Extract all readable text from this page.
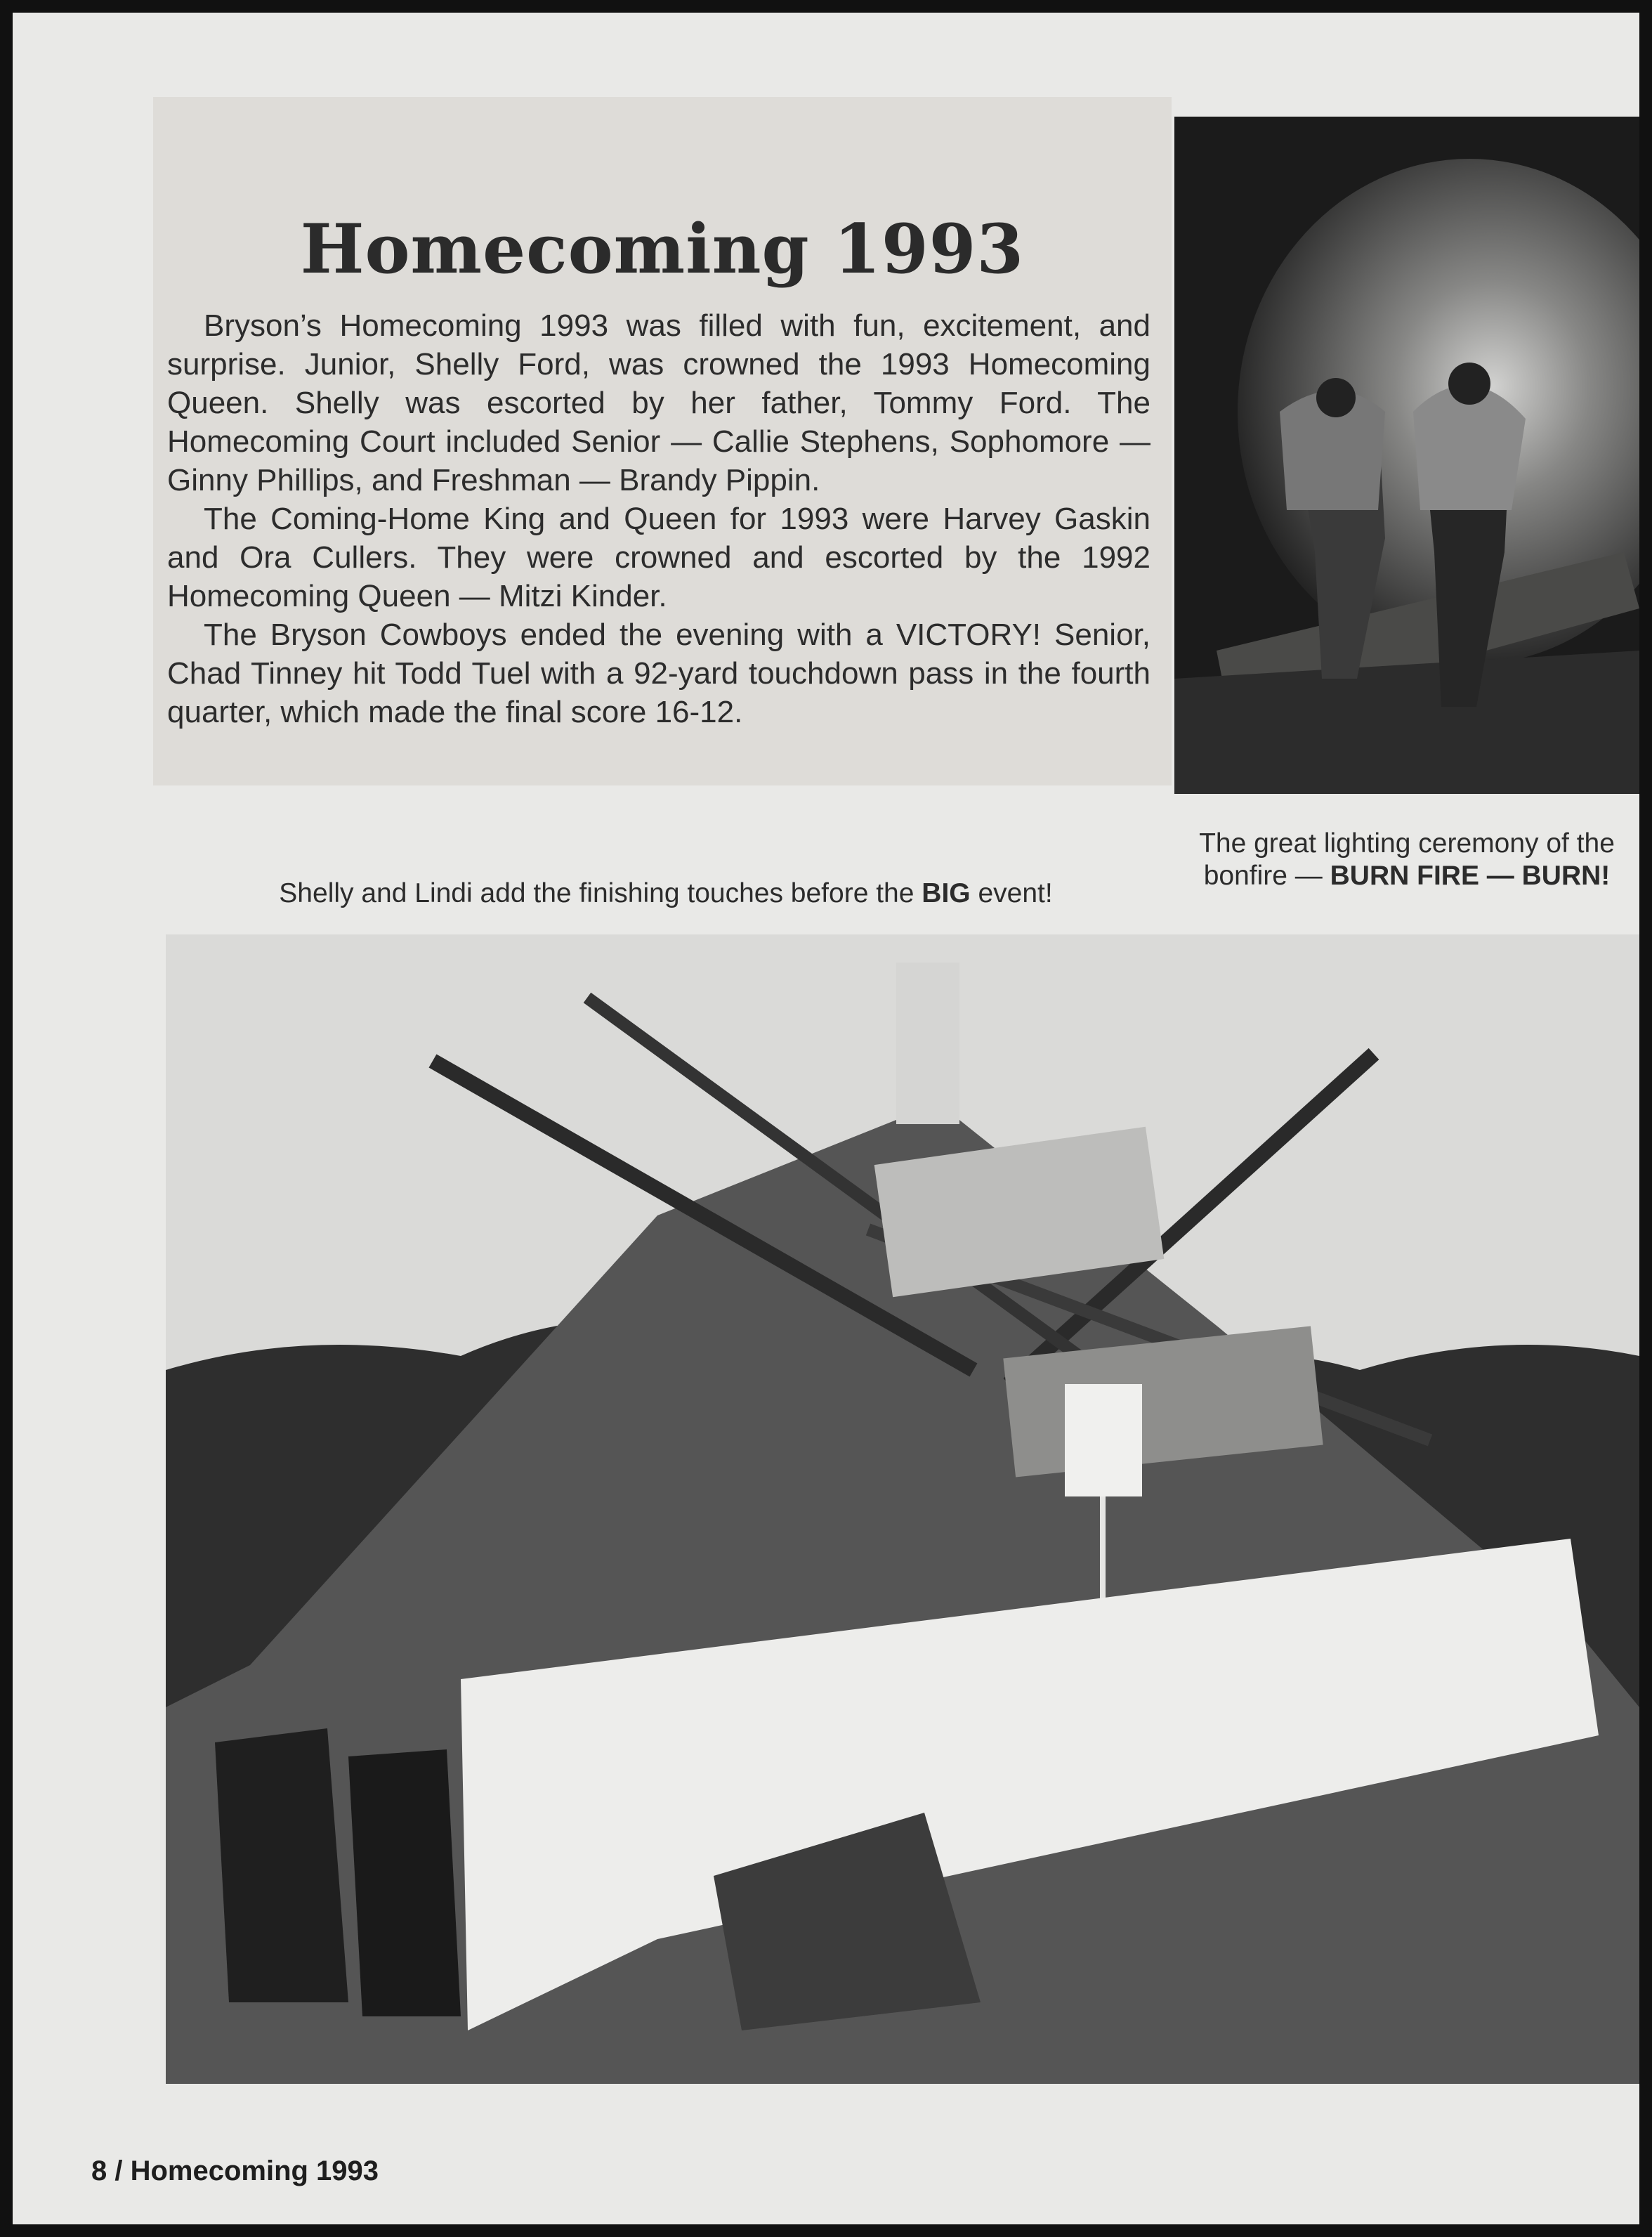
Homecoming 1993

Bryson’s Homecoming 1993 was filled with fun, excitement, and surprise. Junior, Shelly Ford, was crowned the 1993 Homecoming Queen. Shelly was escorted by her father, Tommy Ford. The Homecoming Court included Senior — Callie Stephens, Sophomore — Ginny Phillips, and Freshman — Brandy Pippin.

The Coming-Home King and Queen for 1993 were Harvey Gaskin and Ora Cullers. They were crowned and escorted by the 1992 Homecoming Queen — Mitzi Kinder.

The Bryson Cowboys ended the evening with a VICTORY! Senior, Chad Tinney hit Todd Tuel with a 92-yard touchdown pass in the fourth quarter, which made the final score 16-12.

Shelly and Lindi add the finishing touches before the BIG event!
The great lighting ceremony of the bonfire — BURN FIRE — BURN!
8 / Homecoming 1993
